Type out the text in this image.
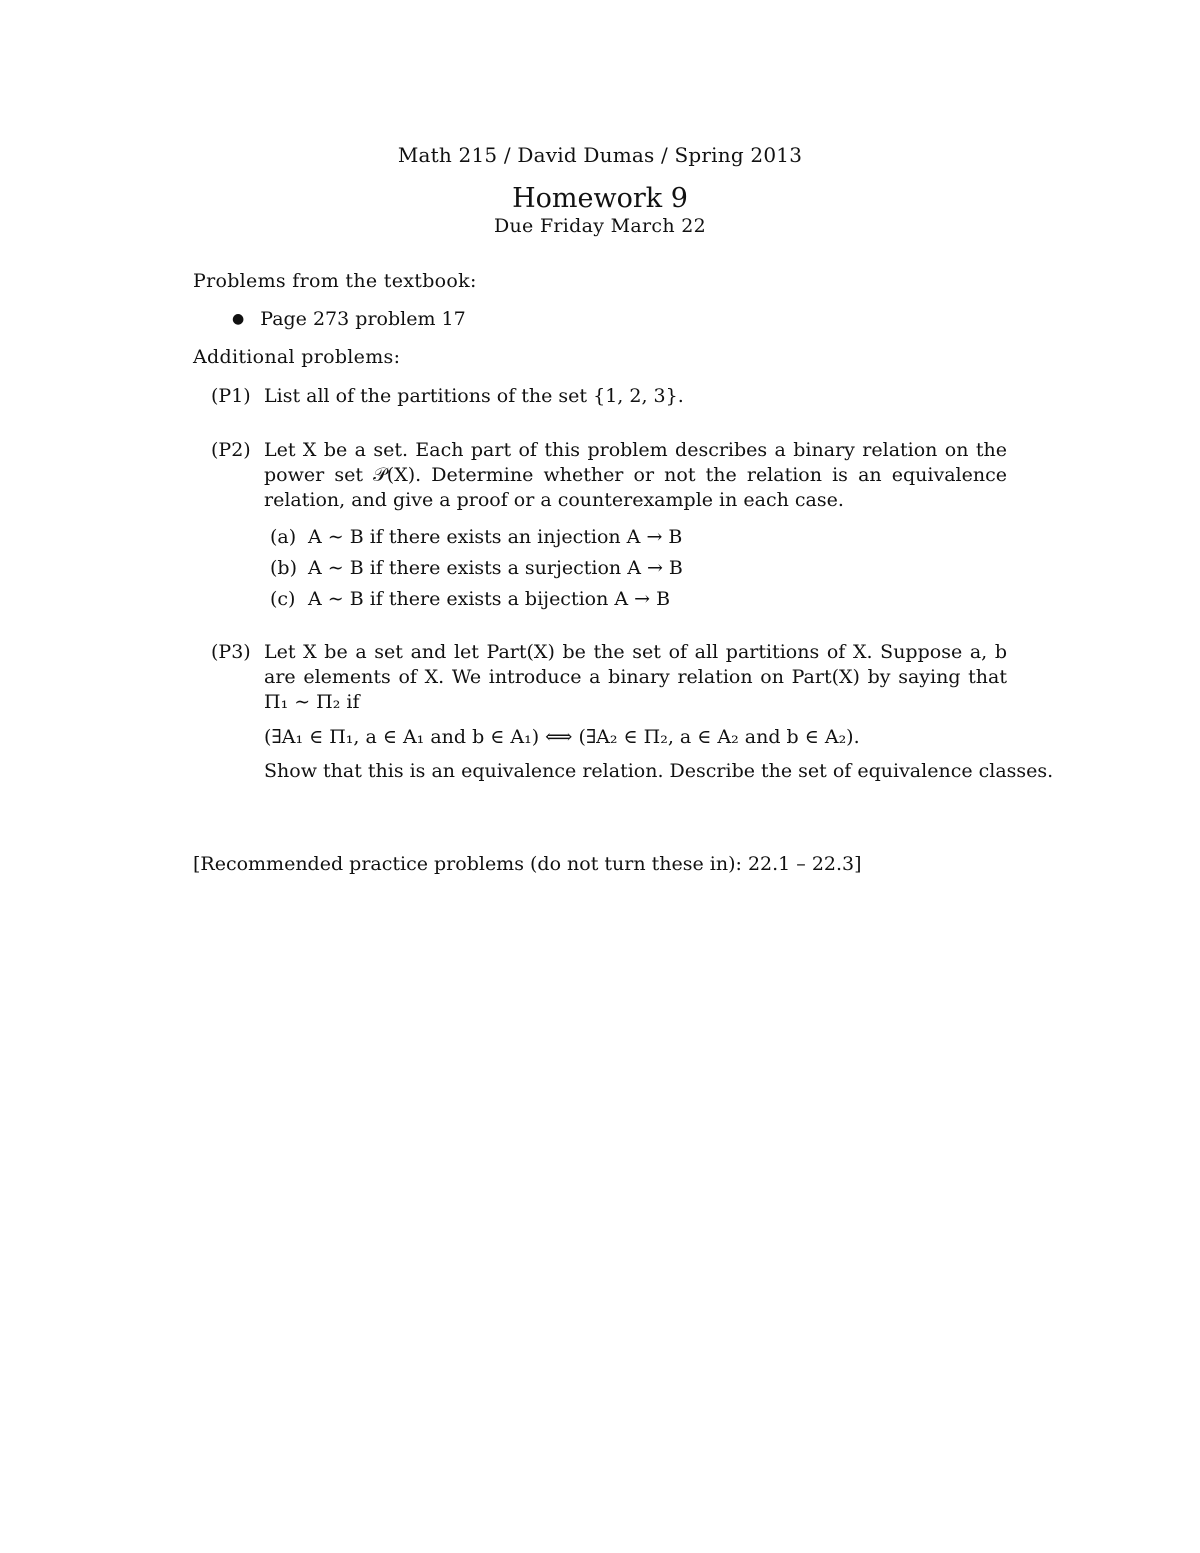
Math 215 / David Dumas / Spring 2013
Homework 9
Due Friday March 22
Problems from the textbook:
● Page 273 problem 17
Additional problems:
(P1) List all of the partitions of the set {1, 2, 3}.
(P2) Let X be a set. Each part of this problem describes a binary relation on the power set 𝒫(X). Determine whether or not the relation is an equivalence relation, and give a proof or a counterexample in each case.
(a) A ∼ B if there exists an injection A → B
(b) A ∼ B if there exists a surjection A → B
(c) A ∼ B if there exists a bijection A → B
(P3) Let X be a set and let Part(X) be the set of all partitions of X. Suppose a, b are elements of X. We introduce a binary relation on Part(X) by saying that Π₁ ∼ Π₂ if
(∃A₁ ∈ Π₁, a ∈ A₁ and b ∈ A₁) ⟺ (∃A₂ ∈ Π₂, a ∈ A₂ and b ∈ A₂).
Show that this is an equivalence relation. Describe the set of equivalence classes.
[Recommended practice problems (do not turn these in): 22.1 – 22.3]
